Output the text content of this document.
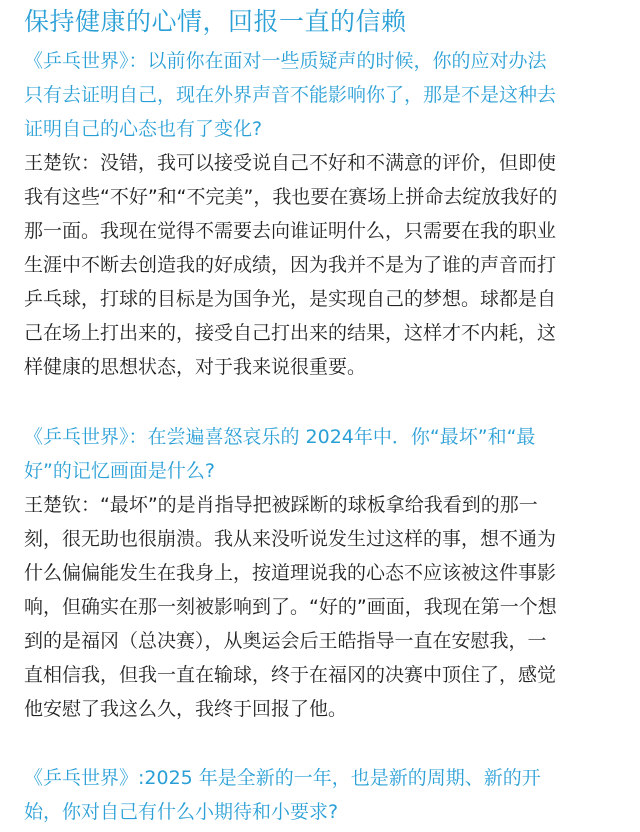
保持健康的心情，回报一直的信赖
《乒乓世界》：以前你在面对一些质疑声的时候，你的应对办法
只有去证明自己，现在外界声音不能影响你了，那是不是这种去
证明自己的心态也有了变化?
王楚钦：没错，我可以接受说自己不好和不满意的评价，但即使
我有这些“不好”和“不完美”，我也要在赛场上拼命去绽放我好的
那一面。我现在觉得不需要去向谁证明什么，只需要在我的职业
生涯中不断去创造我的好成绩，因为我并不是为了谁的声音而打
乒乓球，打球的目标是为国争光，是实现自己的梦想。球都是自
己在场上打出来的，接受自己打出来的结果，这样才不内耗，这
样健康的思想状态，对于我来说很重要。
《乒乓世界》：在尝遍喜怒哀乐的 2024年中．你“最坏”和“最
好”的记忆画面是什么?
王楚钦：“最坏”的是肖指导把被踩断的球板拿给我看到的那一
刻，很无助也很崩溃。我从来没听说发生过这样的事，想不通为
什么偏偏能发生在我身上，按道理说我的心态不应该被这件事影
响，但确实在那一刻被影响到了。“好的”画面，我现在第一个想
到的是福冈（总决赛），从奥运会后王皓指导一直在安慰我，一
直相信我，但我一直在输球，终于在福冈的决赛中顶住了，感觉
他安慰了我这么久，我终于回报了他。
《乒乓世界》:2025 年是全新的一年，也是新的周期、新的开
始，你对自己有什么小期待和小要求?
